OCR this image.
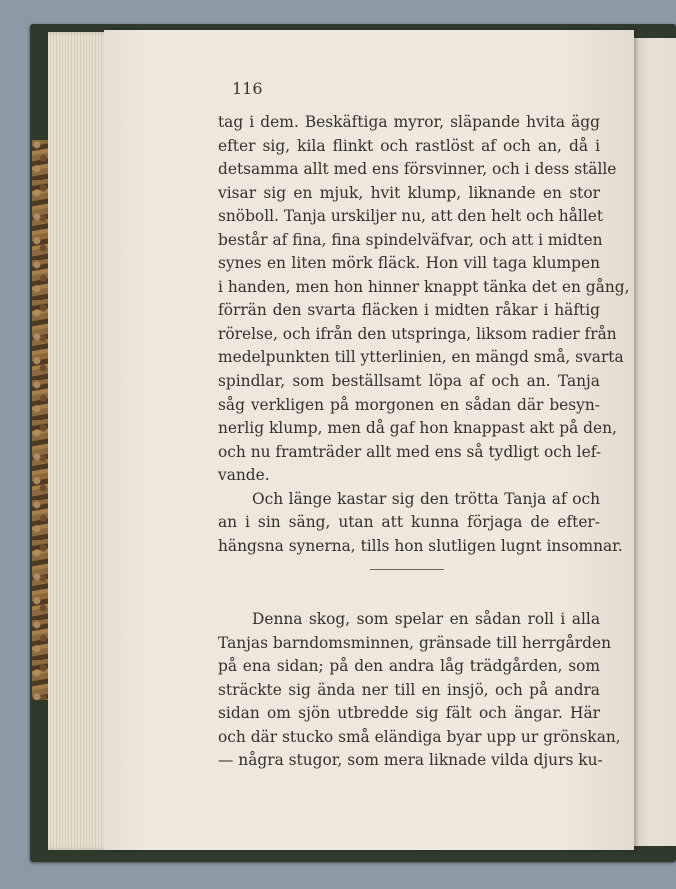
116
tag i dem. Beskäftiga myror, släpande hvita ägg
efter sig, kila flinkt och rastlöst af och an, då i
detsamma allt med ens försvinner, och i dess ställe
visar sig en mjuk, hvit klump, liknande en stor
snöboll. Tanja urskiljer nu, att den helt och hållet
består af fina, fina spindelväfvar, och att i midten
synes en liten mörk fläck. Hon vill taga klumpen
i handen, men hon hinner knappt tänka det en gång,
förrän den svarta fläcken i midten råkar i häftig
rörelse, och ifrån den utspringa, liksom radier från
medelpunkten till ytterlinien, en mängd små, svarta
spindlar, som beställsamt löpa af och an. Tanja
såg verkligen på morgonen en sådan där besyn-
nerlig klump, men då gaf hon knappast akt på den,
och nu framträder allt med ens så tydligt och lef-
vande.
Och länge kastar sig den trötta Tanja af och
an i sin säng, utan att kunna förjaga de efter-
hängsna synerna, tills hon slutligen lugnt insomnar.
Denna skog, som spelar en sådan roll i alla
Tanjas barndomsminnen, gränsade till herrgården
på ena sidan; på den andra låg trädgården, som
sträckte sig ända ner till en insjö, och på andra
sidan om sjön utbredde sig fält och ängar. Här
och där stucko små eländiga byar upp ur grönskan,
— några stugor, som mera liknade vilda djurs ku-
